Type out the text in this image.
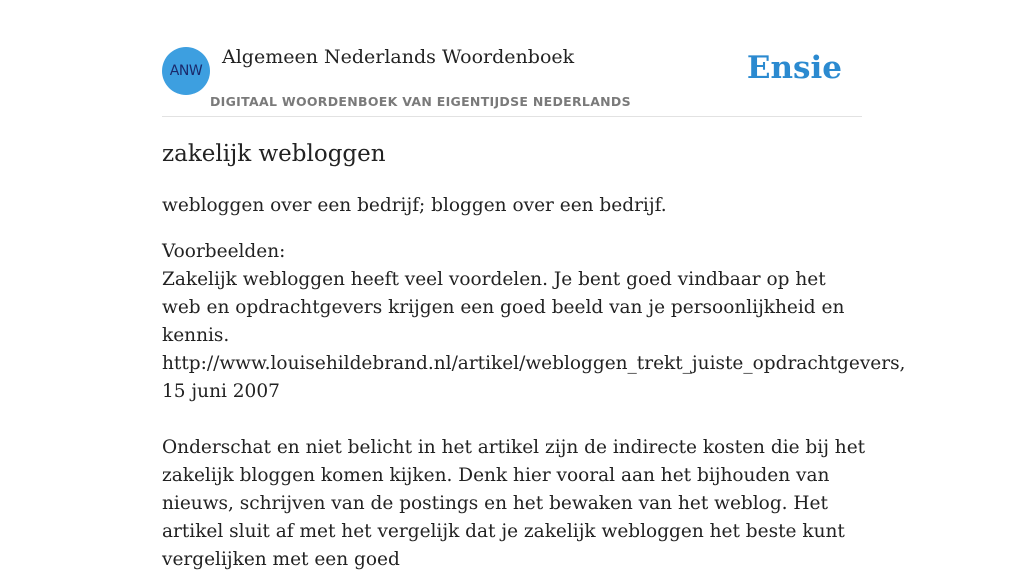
ANW
Algemeen Nederlands Woordenboek
DIGITAAL WOORDENBOEK VAN EIGENTIJDSE NEDERLANDS
Ensie
zakelijk webloggen

webloggen over een bedrijf; bloggen over een bedrijf.

Voorbeelden:
Zakelijk webloggen heeft veel voordelen. Je bent goed vindbaar op het web en opdrachtgevers krijgen een goed beeld van je persoonlijkheid en kennis.
http://www.louisehildebrand.nl/artikel/webloggen_trekt_juiste_opdrachtgevers,
15 juni 2007
Onderschat en niet belicht in het artikel zijn de indirecte kosten die bij het zakelijk bloggen komen kijken. Denk hier vooral aan het bijhouden van nieuws, schrijven van de postings en het bewaken van het weblog. Het artikel sluit af met het vergelijk dat je zakelijk webloggen het beste kunt vergelijken met een goed
